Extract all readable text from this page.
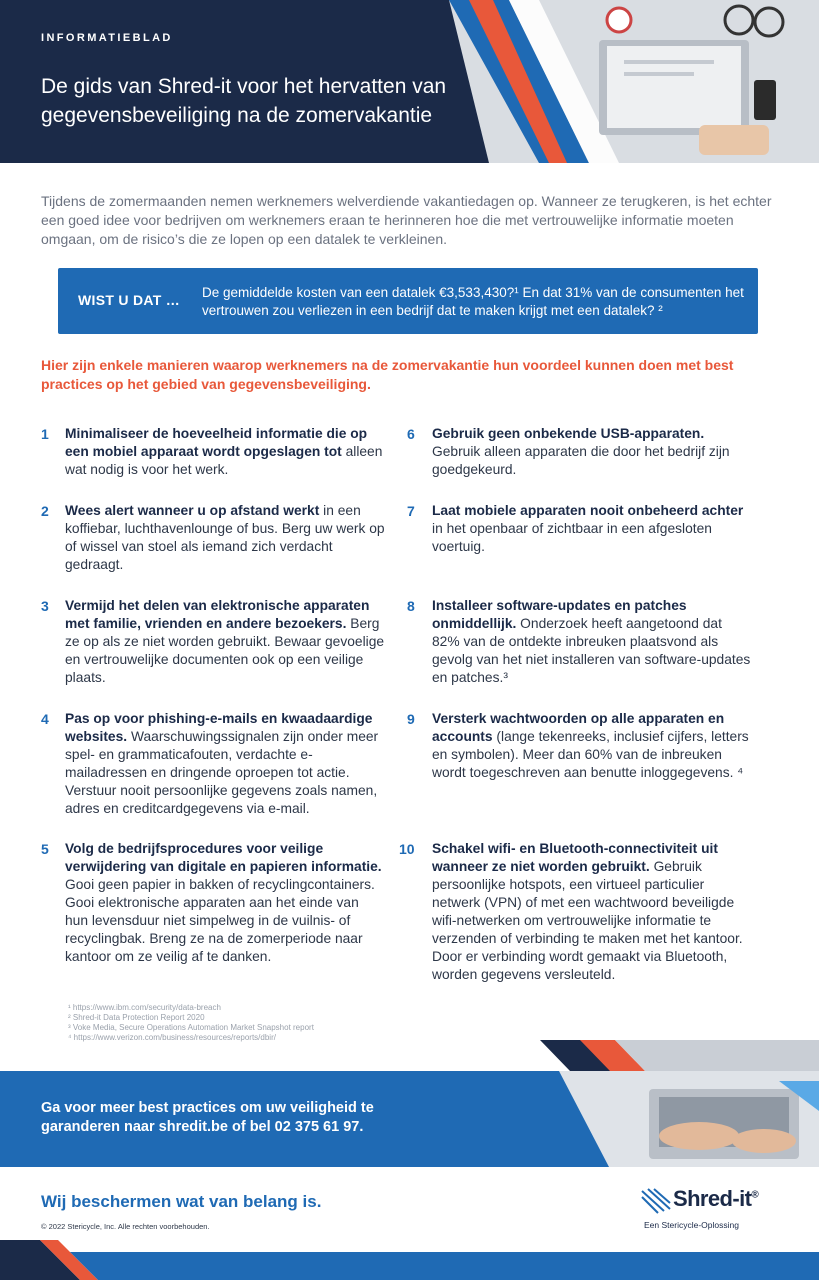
INFORMATIEBLAD
De gids van Shred-it voor het hervatten van gegevensbeveiliging na de zomervakantie

Tijdens de zomermaanden nemen werknemers welverdiende vakantiedagen op. Wanneer ze terugkeren, is het echter een goed idee voor bedrijven om werknemers eraan te herinneren hoe die met vertrouwelijke informatie moeten omgaan, om de risico’s die ze lopen op een datalek te verkleinen.

WIST U DAT … De gemiddelde kosten van een datalek €3,533,430?¹ En dat 31% van de consumenten het vertrouwen zou verliezen in een bedrijf dat te maken krijgt met een datalek? ²

Hier zijn enkele manieren waarop werknemers na de zomervakantie hun voordeel kunnen doen met best practices op het gebied van gegevensbeveiliging.

1	Minimaliseer de hoeveelheid informatie die op een mobiel apparaat wordt opgeslagen tot alleen wat nodig is voor het werk.

2	Wees alert wanneer u op afstand werkt in een koffiebar, luchthavenlounge of bus. Berg uw werk op of wissel van stoel als iemand zich verdacht gedraagt.

3	Vermijd het delen van elektronische apparaten met familie, vrienden en andere bezoekers. Berg ze op als ze niet worden gebruikt. Bewaar gevoelige en vertrouwelijke documenten ook op een veilige plaats.

4	Pas op voor phishing-e-mails en kwaadaardige websites. Waarschuwingssignalen zijn onder meer spel- en grammaticafouten, verdachte e-mailadressen en dringende oproepen tot actie. Verstuur nooit persoonlijke gegevens zoals namen, adres en creditcardgegevens via e-mail.

5	Volg de bedrijfsprocedures voor veilige verwijdering van digitale en papieren informatie. Gooi geen papier in bakken of recyclingcontainers. Gooi elektronische apparaten aan het einde van hun levensduur niet simpelweg in de vuilnis- of recyclingbak. Breng ze na de zomerperiode naar kantoor om ze veilig af te danken.

6	Gebruik geen onbekende USB-apparaten. Gebruik alleen apparaten die door het bedrijf zijn goedgekeurd.

7	Laat mobiele apparaten nooit onbeheerd achter in het openbaar of zichtbaar in een afgesloten voertuig.

8	Installeer software-updates en patches onmiddellijk. Onderzoek heeft aangetoond dat 82% van de ontdekte inbreuken plaatsvond als gevolg van het niet installeren van software-updates en patches.³

9	Versterk wachtwoorden op alle apparaten en accounts (lange tekenreeks, inclusief cijfers, letters en symbolen). Meer dan 60% van de inbreuken wordt toegeschreven aan benutte inloggegevens. ⁴

10	Schakel wifi- en Bluetooth-connectiviteit uit wanneer ze niet worden gebruikt. Gebruik persoonlijke hotspots, een virtueel particulier netwerk (VPN) of met een wachtwoord beveiligde wifi-netwerken om vertrouwelijke informatie te verzenden of verbinding te maken met het kantoor. Door er verbinding wordt gemaakt via Bluetooth, worden gegevens versleuteld.

¹ https://www.ibm.com/security/data-breach
² Shred-it Data Protection Report 2020
³ Voke Media, Secure Operations Automation Market Snapshot report
⁴ https://www.verizon.com/business/resources/reports/dbir/

Ga voor meer best practices om uw veiligheid te garanderen naar shredit.be of bel 02 375 61 97.

Wij beschermen wat van belang is.

© 2022 Stericycle, Inc. Alle rechten voorbehouden.
Shred-it®
Een Stericycle-Oplossing
